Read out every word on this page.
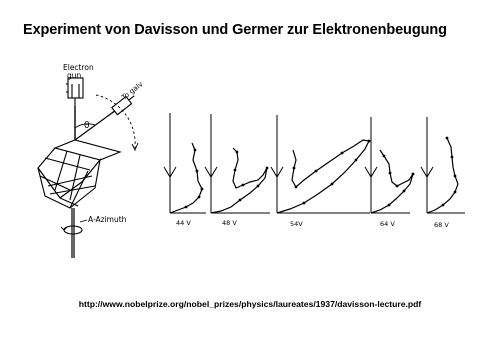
Experiment von Davisson und Germer zur Elektronenbeugung
Electron
gun
To galv
θ
A-Azimuth	44 V	48 V	54V	64 V	68 V
http://www.nobelprize.org/nobel_prizes/physics/laureates/1937/davisson-lecture.pdf
